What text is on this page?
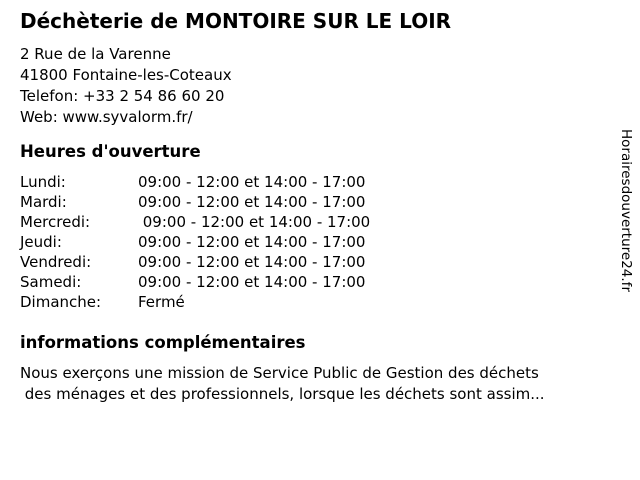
Déchèterie de MONTOIRE SUR LE LOIR
2 Rue de la Varenne
41800 Fontaine-les-Coteaux
Telefon: +33 2 54 86 60 20
Web: www.syvalorm.fr/
Heures d'ouverture
Lundi:	09:00 - 12:00 et 14:00 - 17:00
Mardi:	09:00 - 12:00 et 14:00 - 17:00
Mercredi:	09:00 - 12:00 et 14:00 - 17:00
Jeudi:	09:00 - 12:00 et 14:00 - 17:00
Vendredi:	09:00 - 12:00 et 14:00 - 17:00
Samedi:	09:00 - 12:00 et 14:00 - 17:00
Dimanche:	Fermé
informations complémentaires

Nous exerçons une mission de Service Public de Gestion des déchets
des ménages et des professionnels, lorsque les déchets sont assim...

Horairesdouverture24.fr
